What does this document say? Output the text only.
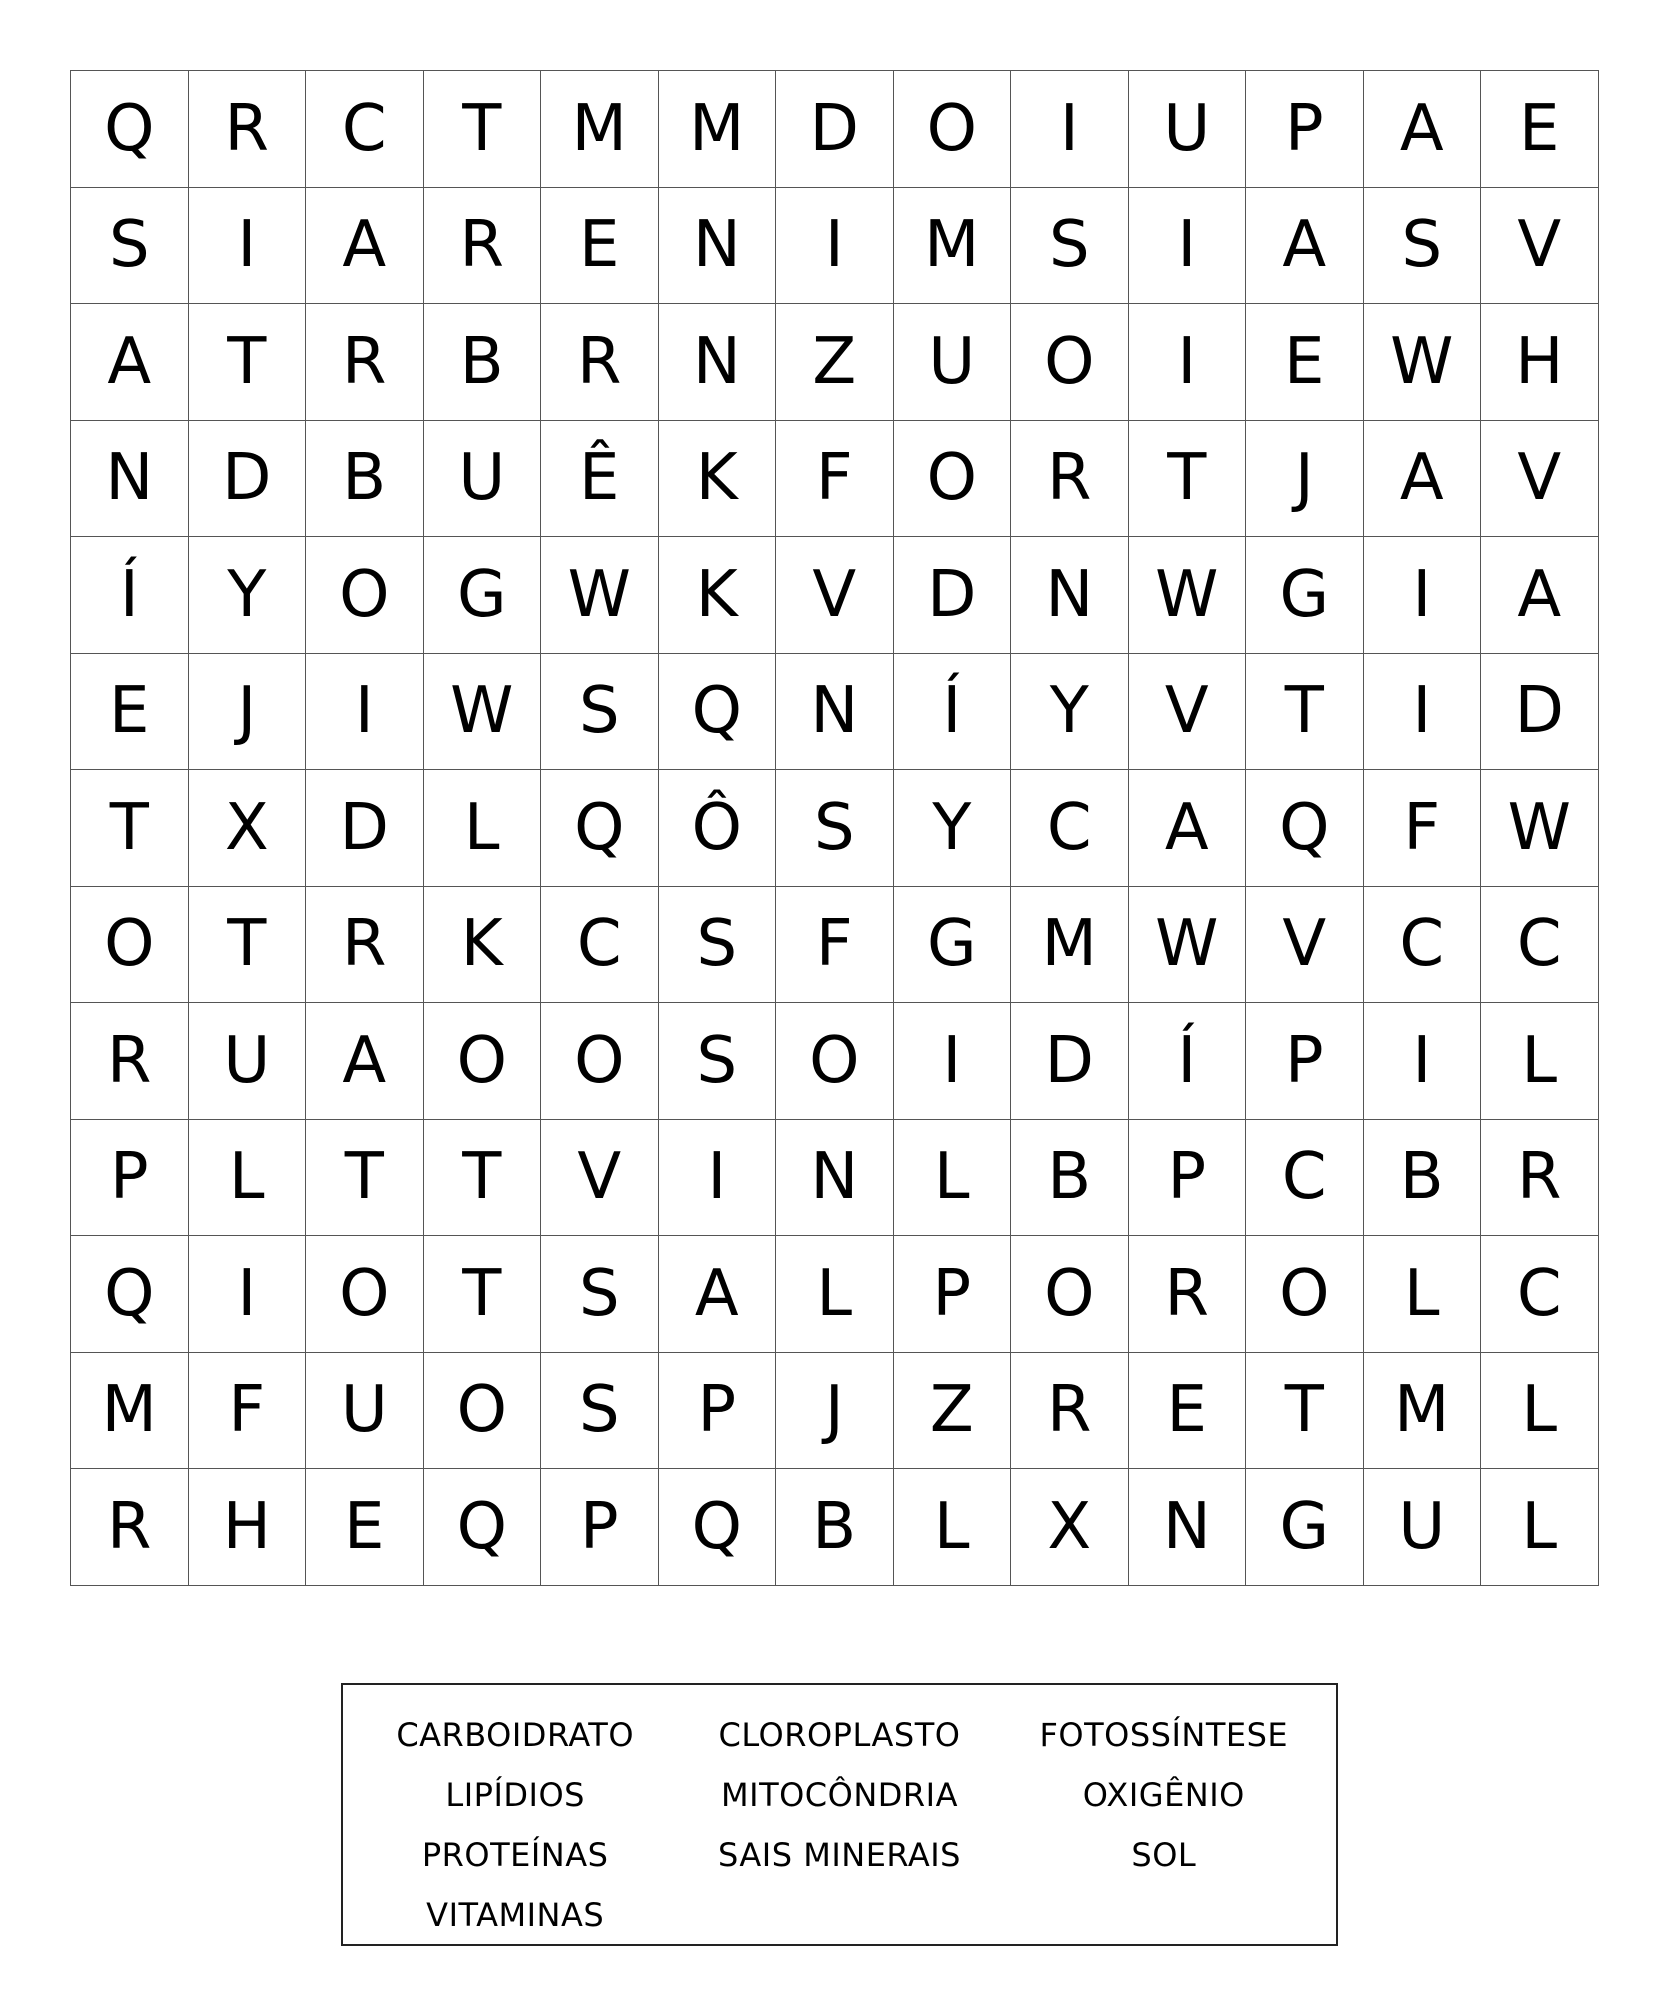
Q	R	C	T	M	M	D	O	I	U	P	A	E
S	I	A	R	E	N	I	M	S	I	A	S	V
A	T	R	B	R	N	Z	U	O	I	E	W	H
N	D	B	U	Ê	K	F	O	R	T	J	A	V
Í	Y	O	G	W	K	V	D	N	W	G	I	A
E	J	I	W	S	Q	N	Í	Y	V	T	I	D
T	X	D	L	Q	Ô	S	Y	C	A	Q	F	W
O	T	R	K	C	S	F	G	M	W	V	C	C
R	U	A	O	O	S	O	I	D	Í	P	I	L
P	L	T	T	V	I	N	L	B	P	C	B	R
Q	I	O	T	S	A	L	P	O	R	O	L	C
M	F	U	O	S	P	J	Z	R	E	T	M	L
R	H	E	Q	P	Q	B	L	X	N	G	U	L
CARBOIDRATO	CLOROPLASTO	FOTOSSÍNTESE
LIPÍDIOS	MITOCÔNDRIA	OXIGÊNIO
PROTEÍNAS	SAIS MINERAIS	SOL
VITAMINAS
